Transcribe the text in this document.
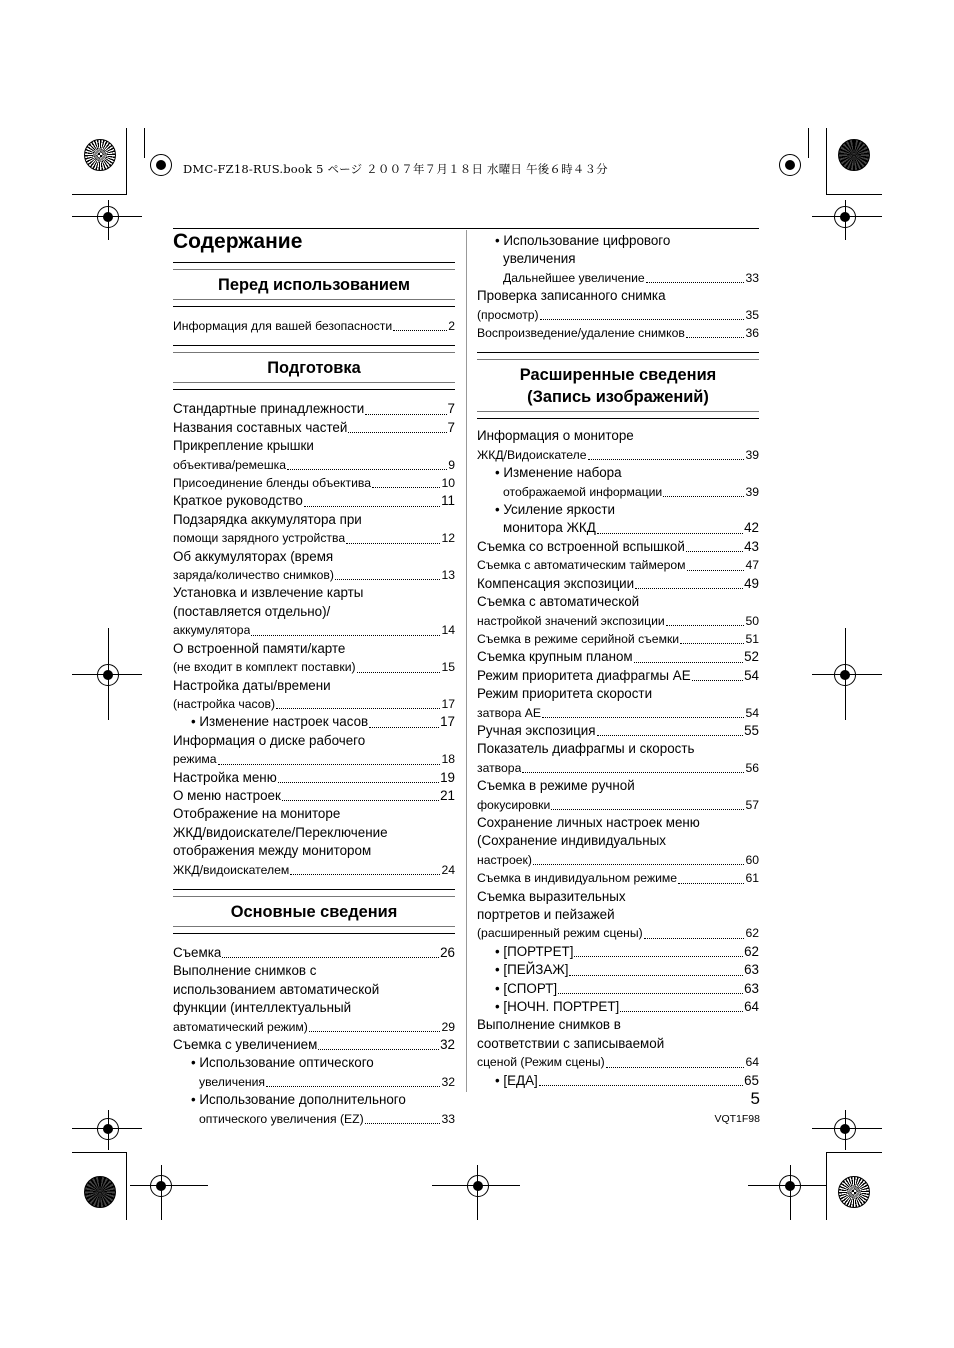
DMC-FZ18-RUS.book 5 ページ ２００７年７月１８日 水曜日 午後６時４３分
Содержание
Перед использованием
Информация для вашей безопасности	2
Подготовка
Стандартные принадлежности	7
Названия составных частей	7
Прикрепление крышки
объектива/ремешка	9
Присоединение бленды объектива	10
Краткое руководство	11
Подзарядка аккумулятора при
помощи зарядного устройства	12
Об аккумуляторах (время
заряда/количество снимков)	13
Установка и извлечение карты
(поставляется отдельно)/
аккумулятора	14
О встроенной памяти/карте
(не входит в комплект поставки)	15
Настройка даты/времени
(настройка часов)	17
• Изменение настроек часов	17
Информация о диске рабочего
режима	18
Настройка меню	19
О меню настроек	21
Отображение на мониторе
ЖКД/видоискателе/Переключение
отображения между монитором
ЖКД/видоискателем	24
Основные сведения
Съемка	26
Выполнение снимков с
использованием автоматической
функции (интеллектуальный
автоматический режим)	29
Съемка с увеличением	32
• Использование оптического
увеличения	32
• Использование дополнительного
оптического увеличения (EZ)	33
• Использование цифрового
увеличения
Дальнейшее увеличение	33
Проверка записанного снимка
(просмотр)	35
Воспроизведение/удаление снимков	36
Расширенные сведения
(Запись изображений)
Информация о мониторе
ЖКД/Видоискателе	39
• Изменение набора
отображаемой информации	39
• Усиление яркости
монитора ЖКД	42
Съемка со встроенной вспышкой	43
Съемка с автоматическим таймером	47
Компенсация экспозиции	49
Съемка с автоматической
настройкой значений экспозиции	50
Съемка в режиме серийной съемки	51
Съемка крупным планом	52
Режим приоритета диафрагмы AE	54
Режим приоритета скорости
затвора AE	54
Ручная экспозиция	55
Показатель диафрагмы и скорость
затвора	56
Съемка в режиме ручной
фокусировки	57
Сохранение личных настроек меню
(Сохранение индивидуальных
настроек)	60
Съемка в индивидуальном режиме	61
Съемка выразительных
портретов и пейзажей
(расширенный режим сцены)	62
• [ПОРТРЕТ]	62
• [ПЕЙЗАЖ]	63
• [СПОРТ]	63
• [НОЧН. ПОРТРЕТ]	64
Выполнение снимков в
соответствии с записываемой
сценой (Режим сцены)	64
• [ЕДА]	65
5
VQT1F98
